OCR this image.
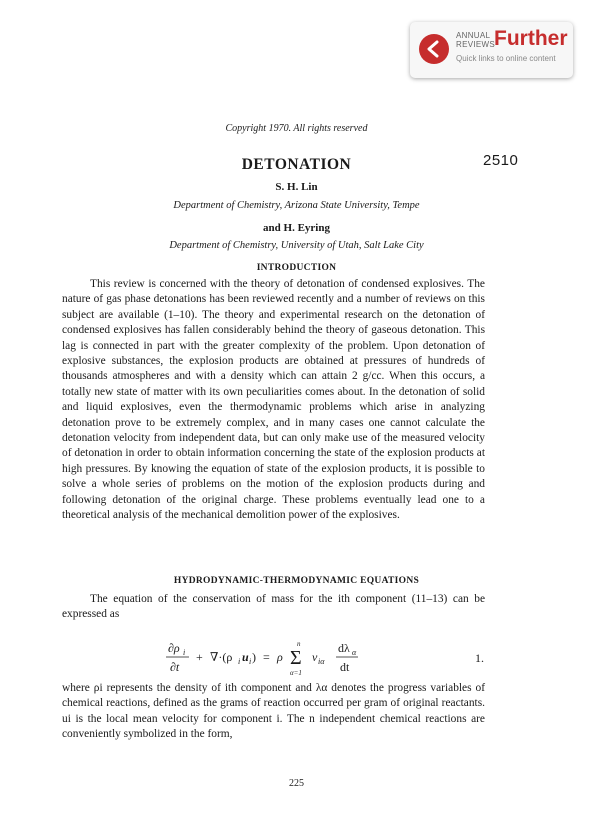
ANNUAL
REVIEWS Further
Quick links to online content
Copyright 1970. All rights reserved
DETONATION	2510
S. H. Lin
Department of Chemistry, Arizona State University, Tempe
and H. Eyring
Department of Chemistry, University of Utah, Salt Lake City
INTRODUCTION
This review is concerned with the theory of detonation of condensed explosives. The nature of gas phase detonations has been reviewed recently and a number of reviews on this subject are available (1–10). The theory and experimental research on the detonation of condensed explosives has fallen considerably behind the theory of gaseous detonation. This lag is connected in part with the greater complexity of the problem. Upon detonation of explosive substances, the explosion products are obtained at pressures of hundreds of thousands atmospheres and with a density which can attain 2 g/cc. When this occurs, a totally new state of matter with its own peculiarities comes about. In the detonation of solid and liquid explosives, even the thermodynamic problems which arise in analyzing detonation prove to be extremely complex, and in many cases one cannot calculate the detonation velocity from independent data, but can only make use of the measured velocity of detonation in order to obtain information concerning the state of the explosion products at high pressures. By knowing the equation of state of the explosion products, it is possible to solve a whole series of problems on the motion of the explosion products during and following detonation of the original charge. These problems eventually lead one to a theoretical analysis of the mechanical demolition power of the explosives.
HYDRODYNAMIC-THERMODYNAMIC EQUATIONS
The equation of the conservation of mass for the ith component (11–13) can be expressed as
∂ρ i
∂t
+ ∇·(ρ i u i ) = ρ
n
Σ
α=1
ν iα
dλ α
dt
1.
where ρi represents the density of ith component and λα denotes the progress variables of chemical reactions, defined as the grams of reaction occurred per gram of original reactants. ui is the local mean velocity for component i. The n independent chemical reactions are conveniently symbolized in the form,
225
